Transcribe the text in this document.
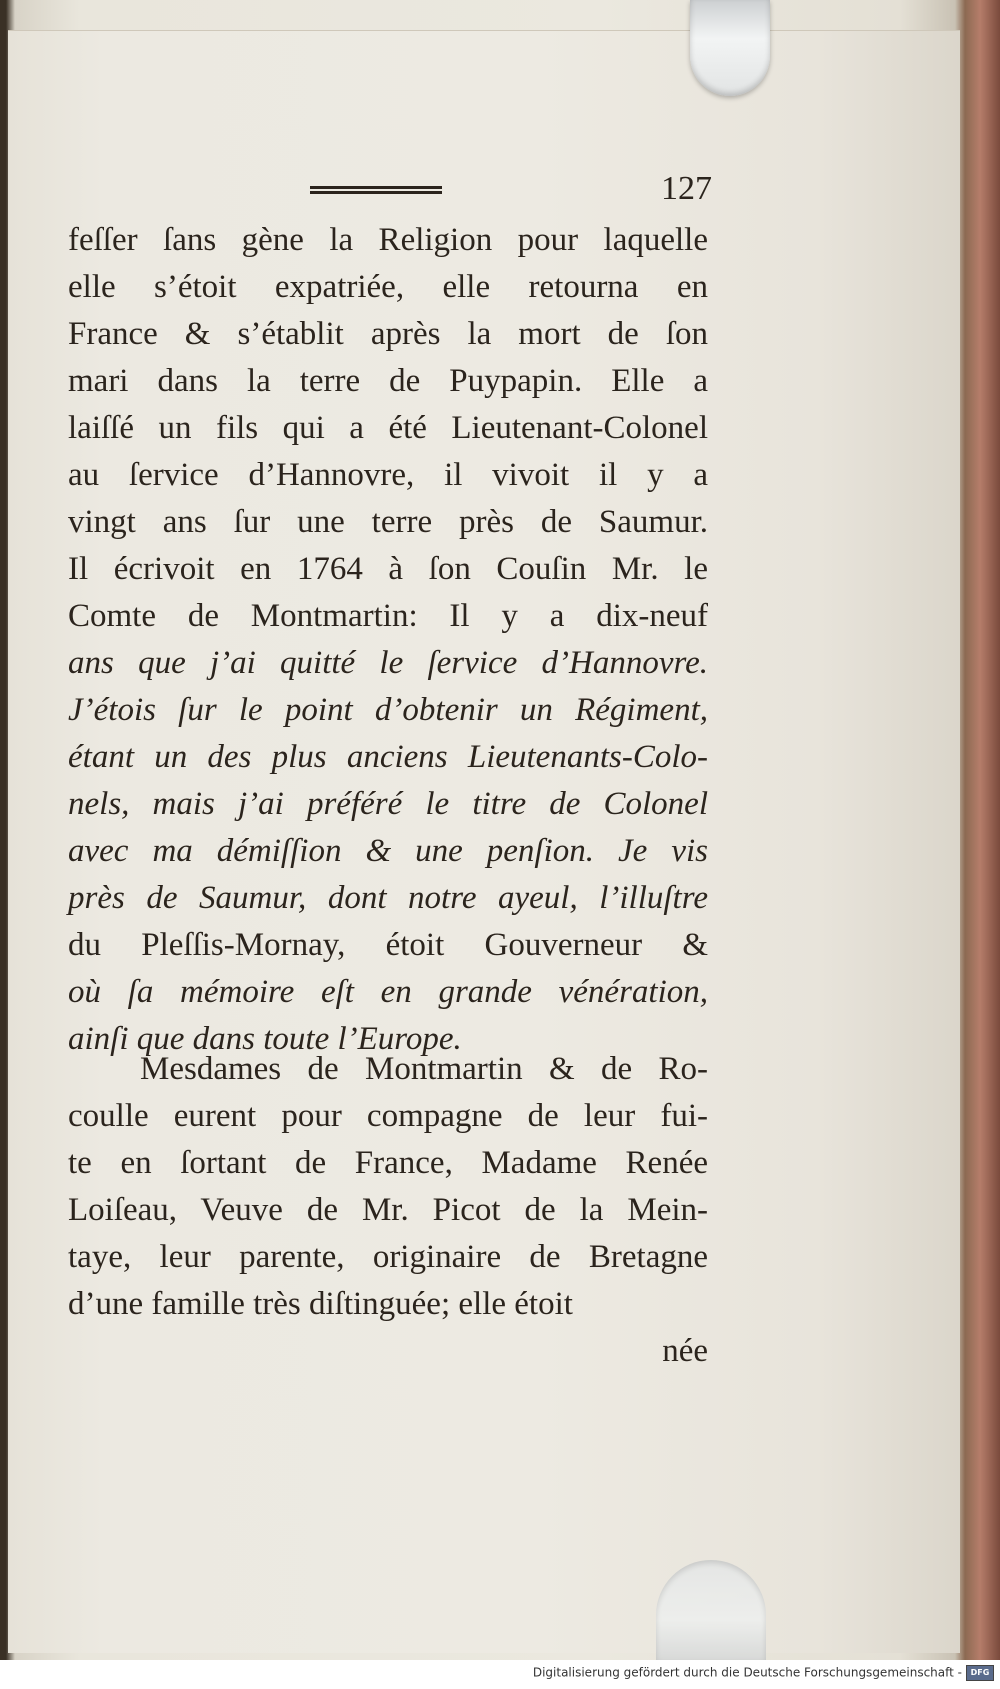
127
feſſer ſans gène la Religion pour laquelle
elle s’étoit expatriée, elle retourna en
France & s’établit après la mort de ſon
mari dans la terre de Puypapin. Elle a
laiſſé un fils qui a été Lieutenant-Colonel
au ſervice d’Hannovre, il vivoit il y a
vingt ans ſur une terre près de Saumur.
Il écrivoit en 1764 à ſon Couſin Mr. le
Comte de Montmartin: Il y a dix-neuf
ans que j’ai quitté le ſervice d’Hannovre.
J’étois ſur le point d’obtenir un Régiment,
étant un des plus anciens Lieutenants-Colo-
nels, mais j’ai préféré le titre de Colonel
avec ma démiſſion & une penſion. Je vis
près de Saumur, dont notre ayeul, l’illuſtre
du Pleſſis-Mornay, étoit Gouverneur &
où ſa mémoire eſt en grande vénération,
ainſi que dans toute l’Europe.
Mesdames de Montmartin & de Ro-
coulle eurent pour compagne de leur fui-
te en ſortant de France, Madame Renée
Loiſeau, Veuve de Mr. Picot de la Mein-
taye, leur parente, originaire de Bretagne
d’une famille très diſtinguée; elle étoit
née
Digitalisierung gefördert durch die Deutsche Forschungsgemeinschaft - DFG
